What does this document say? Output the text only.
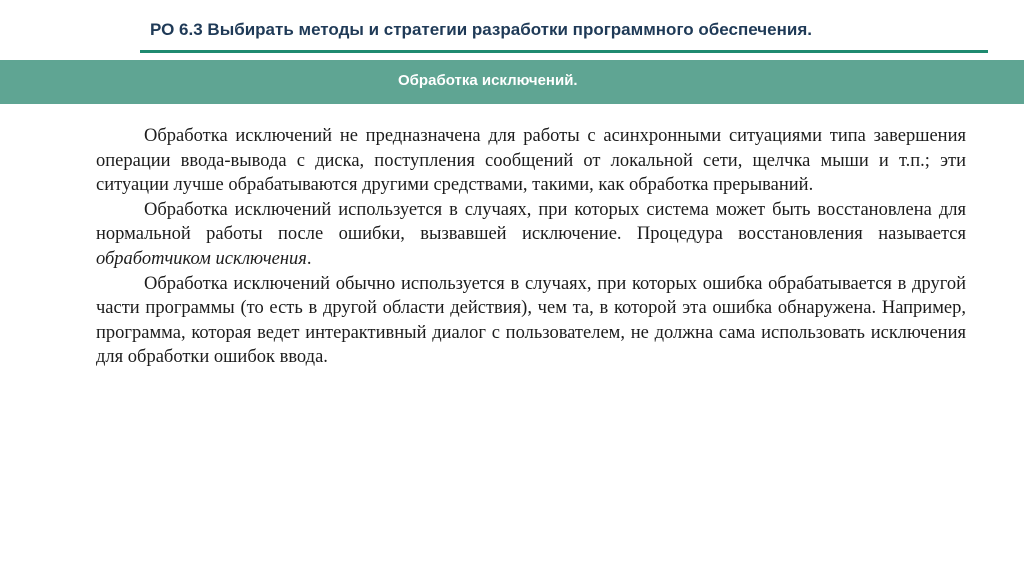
РО 6.3 Выбирать методы и стратегии разработки программного обеспечения.
Обработка исключений.

Обработка исключений не предназначена для работы с асинхронными ситуациями типа завершения операции ввода-вывода с диска, поступления сообщений от локальной сети, щелчка мыши и т.п.; эти ситуации лучше обрабатываются другими средствами, такими, как обработка прерываний.

Обработка исключений используется в случаях, при которых система может быть восстановлена для нормальной работы после ошибки, вызвавшей исключение. Процедура восстановления называется обработчиком исключения.

Обработка исключений обычно используется в случаях, при которых ошибка обрабатывается в другой части программы (то есть в другой области действия), чем та, в которой эта ошибка обнаружена. Например, программа, которая ведет интерактивный диалог с пользователем, не должна сама использовать исключения для обработки ошибок ввода.
